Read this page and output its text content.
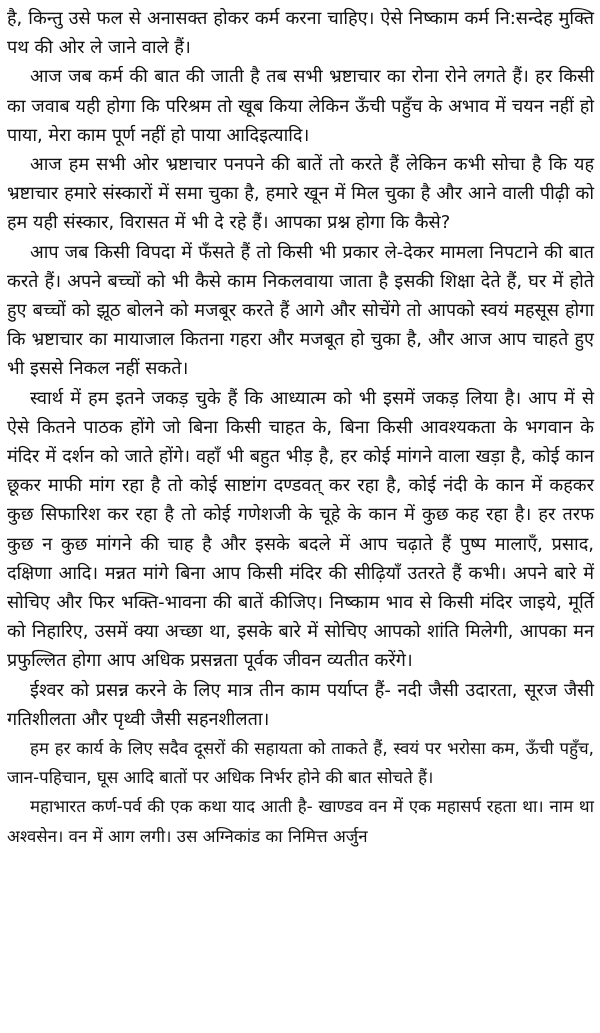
है, किन्तु उसे फल से अनासक्त होकर कर्म करना चाहिए। ऐसे निष्काम कर्म नि:सन्देह मुक्ति पथ की ओर ले जाने वाले हैं।

आज जब कर्म की बात की जाती है तब सभी भ्रष्टाचार का रोना रोने लगते हैं। हर किसी का जवाब यही होगा कि परिश्रम तो खूब किया लेकिन ऊँची पहुँच के अभाव में चयन नहीं हो पाया, मेरा काम पूर्ण नहीं हो पाया आदिइत्यादि।

आज हम सभी ओर भ्रष्टाचार पनपने की बातें तो करते हैं लेकिन कभी सोचा है कि यह भ्रष्टाचार हमारे संस्कारों में समा चुका है, हमारे खून में मिल चुका है और आने वाली पीढ़ी को हम यही संस्कार, विरासत में भी दे रहे हैं। आपका प्रश्न होगा कि कैसे?

आप जब किसी विपदा में फँसते हैं तो किसी भी प्रकार ले-देकर मामला निपटाने की बात करते हैं। अपने बच्चों को भी कैसे काम निकलवाया जाता है इसकी शिक्षा देते हैं, घर में होते हुए बच्चों को झूठ बोलने को मजबूर करते हैं आगे और सोचेंगे तो आपको स्वयं महसूस होगा कि भ्रष्टाचार का मायाजाल कितना गहरा और मजबूत हो चुका है, और आज आप चाहते हुए भी इससे निकल नहीं सकते।

स्वार्थ में हम इतने जकड़ चुके हैं कि आध्यात्म को भी इसमें जकड़ लिया है। आप में से ऐसे कितने पाठक होंगे जो बिना किसी चाहत के, बिना किसी आवश्यकता के भगवान के मंदिर में दर्शन को जाते होंगे। वहाँ भी बहुत भीड़ है, हर कोई मांगने वाला खड़ा है, कोई कान छूकर माफी मांग रहा है तो कोई साष्टांग दण्डवत् कर रहा है, कोई नंदी के कान में कहकर कुछ सिफारिश कर रहा है तो कोई गणेशजी के चूहे के कान में कुछ कह रहा है। हर तरफ कुछ न कुछ मांगने की चाह है और इसके बदले में आप चढ़ाते हैं पुष्प मालाएँ, प्रसाद, दक्षिणा आदि। मन्नत मांगे बिना आप किसी मंदिर की सीढ़ियाँ उतरते हैं कभी। अपने बारे में सोचिए और फिर भक्ति-भावना की बातें कीजिए। निष्काम भाव से किसी मंदिर जाइये, मूर्ति को निहारिए, उसमें क्या अच्छा था, इसके बारे में सोचिए आपको शांति मिलेगी, आपका मन प्रफुल्लित होगा आप अधिक प्रसन्नता पूर्वक जीवन व्यतीत करेंगे।

ईश्वर को प्रसन्न करने के लिए मात्र तीन काम पर्याप्त हैं- नदी जैसी उदारता, सूरज जैसी गतिशीलता और पृथ्वी जैसी सहनशीलता।

हम हर कार्य के लिए सदैव दूसरों की सहायता को ताकते हैं, स्वयं पर भरोसा कम, ऊँची पहुँच, जान-पहिचान, घूस आदि बातों पर अधिक निर्भर होने की बात सोचते हैं।

महाभारत कर्ण-पर्व की एक कथा याद आती है- खाण्डव वन में एक महासर्प रहता था। नाम था अश्वसेन। वन में आग लगी। उस अग्निकांड का निमित्त अर्जुन
